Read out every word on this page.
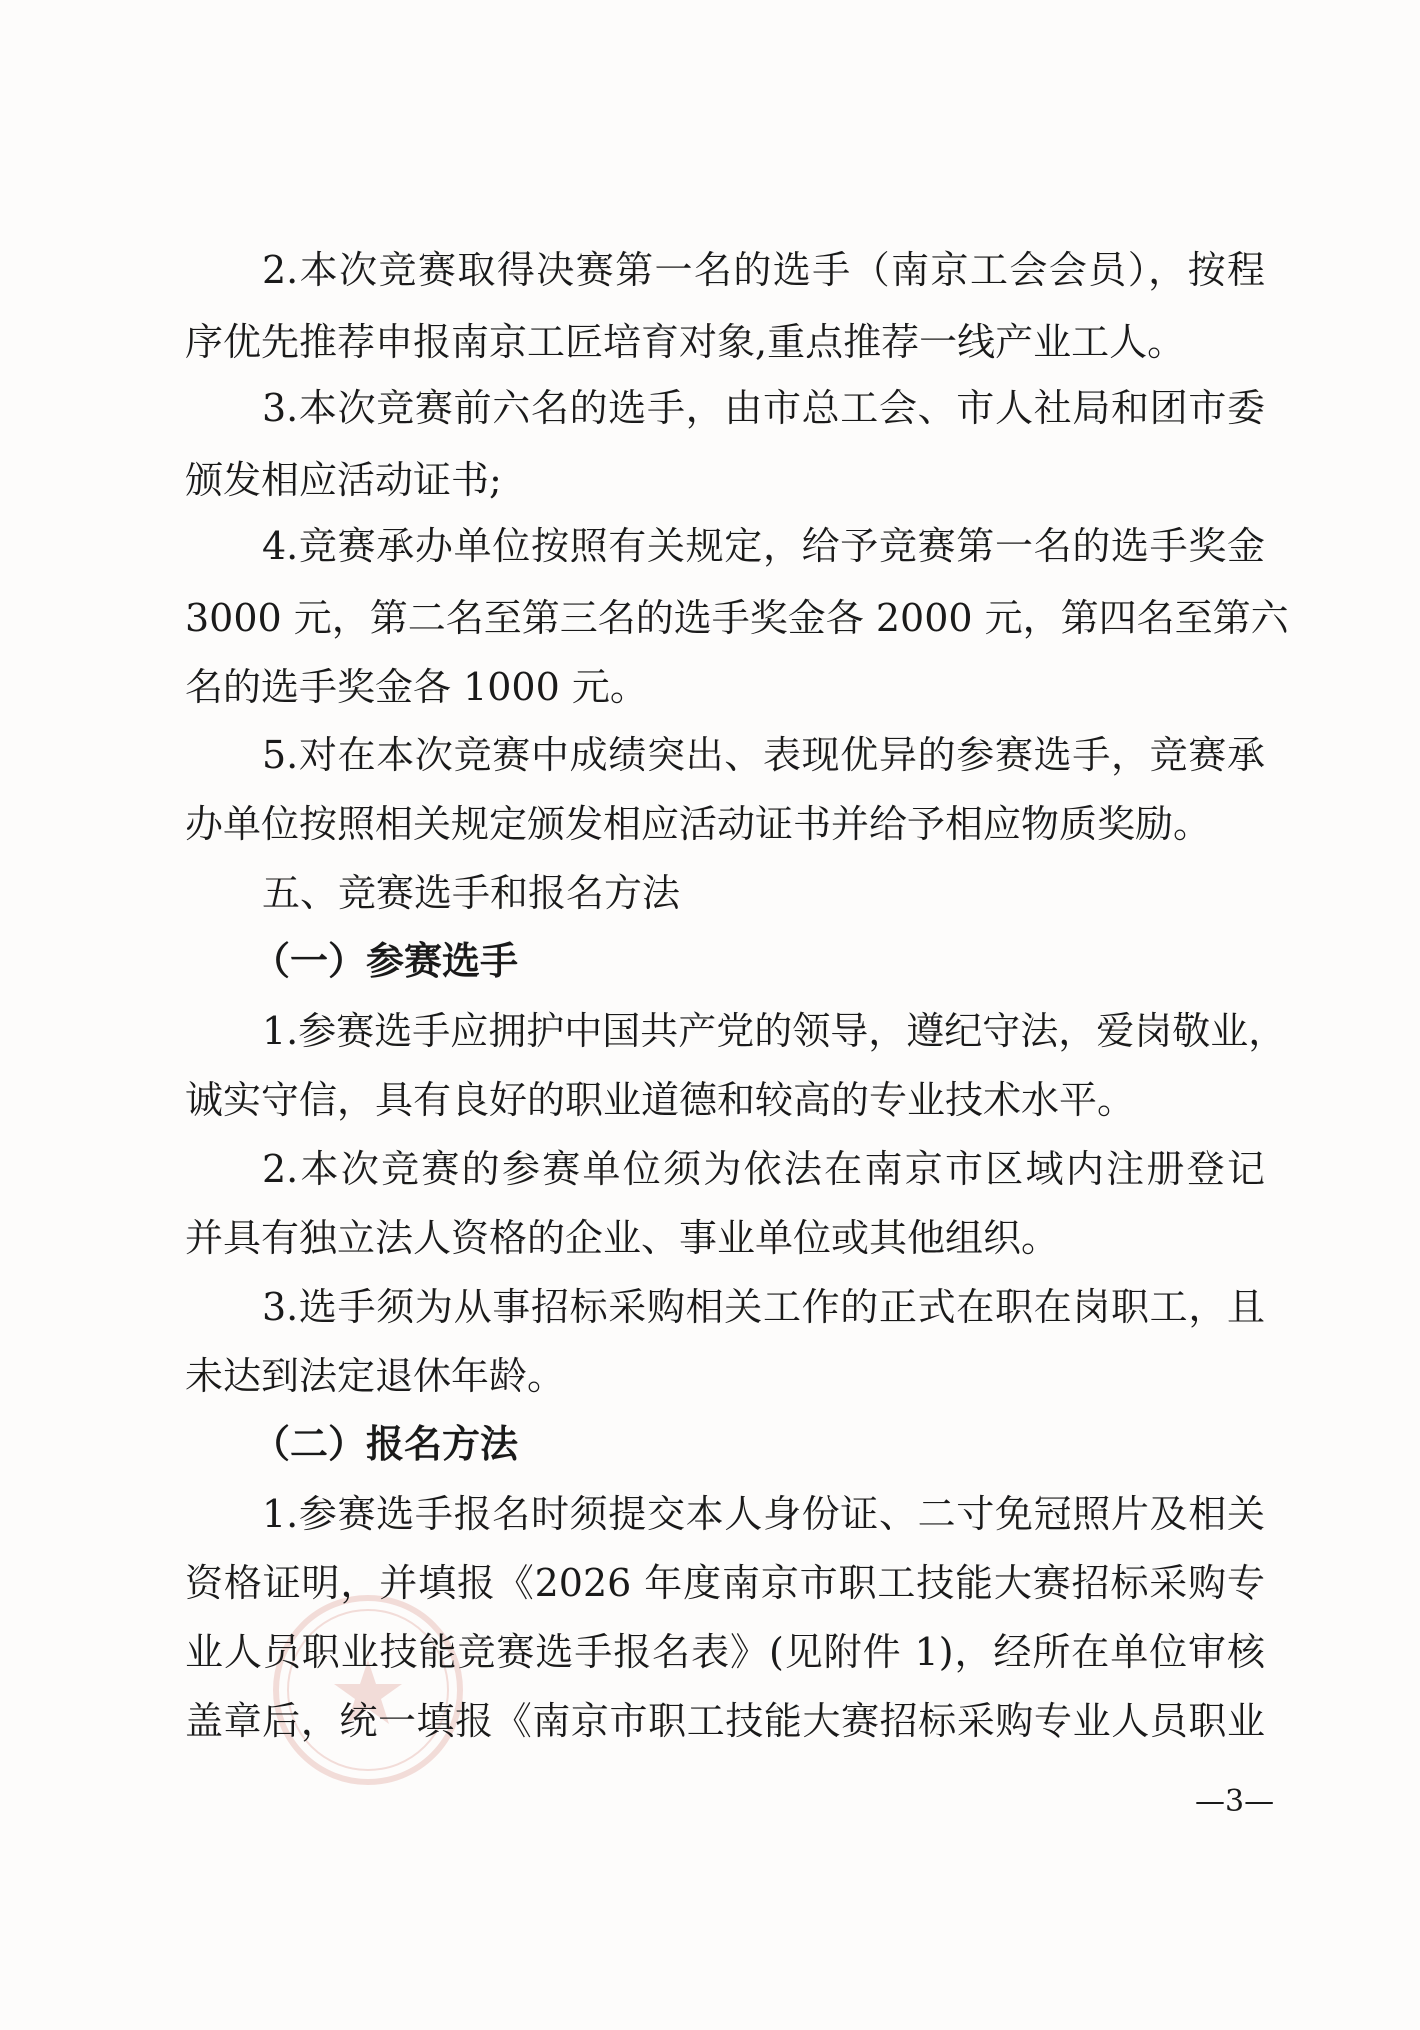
2.本次竞赛取得决赛第一名的选手（南京工会会员），按程
序优先推荐申报南京工匠培育对象,重点推荐一线产业工人。
3.本次竞赛前六名的选手，由市总工会、市人社局和团市委
颁发相应活动证书;
4.竞赛承办单位按照有关规定，给予竞赛第一名的选手奖金
3000 元，第二名至第三名的选手奖金各 2000 元，第四名至第六
名的选手奖金各 1000 元。
5.对在本次竞赛中成绩突出、表现优异的参赛选手，竞赛承
办单位按照相关规定颁发相应活动证书并给予相应物质奖励。
五、竞赛选手和报名方法
（一）参赛选手
1.参赛选手应拥护中国共产党的领导，遵纪守法，爱岗敬业，
诚实守信，具有良好的职业道德和较高的专业技术水平。
2.本次竞赛的参赛单位须为依法在南京市区域内注册登记
并具有独立法人资格的企业、事业单位或其他组织。
3.选手须为从事招标采购相关工作的正式在职在岗职工，且
未达到法定退休年龄。
（二）报名方法
1.参赛选手报名时须提交本人身份证、二寸免冠照片及相关
资格证明，并填报《2026 年度南京市职工技能大赛招标采购专
业人员职业技能竞赛选手报名表》(见附件 1)，经所在单位审核
盖章后，统一填报《南京市职工技能大赛招标采购专业人员职业
—3—
